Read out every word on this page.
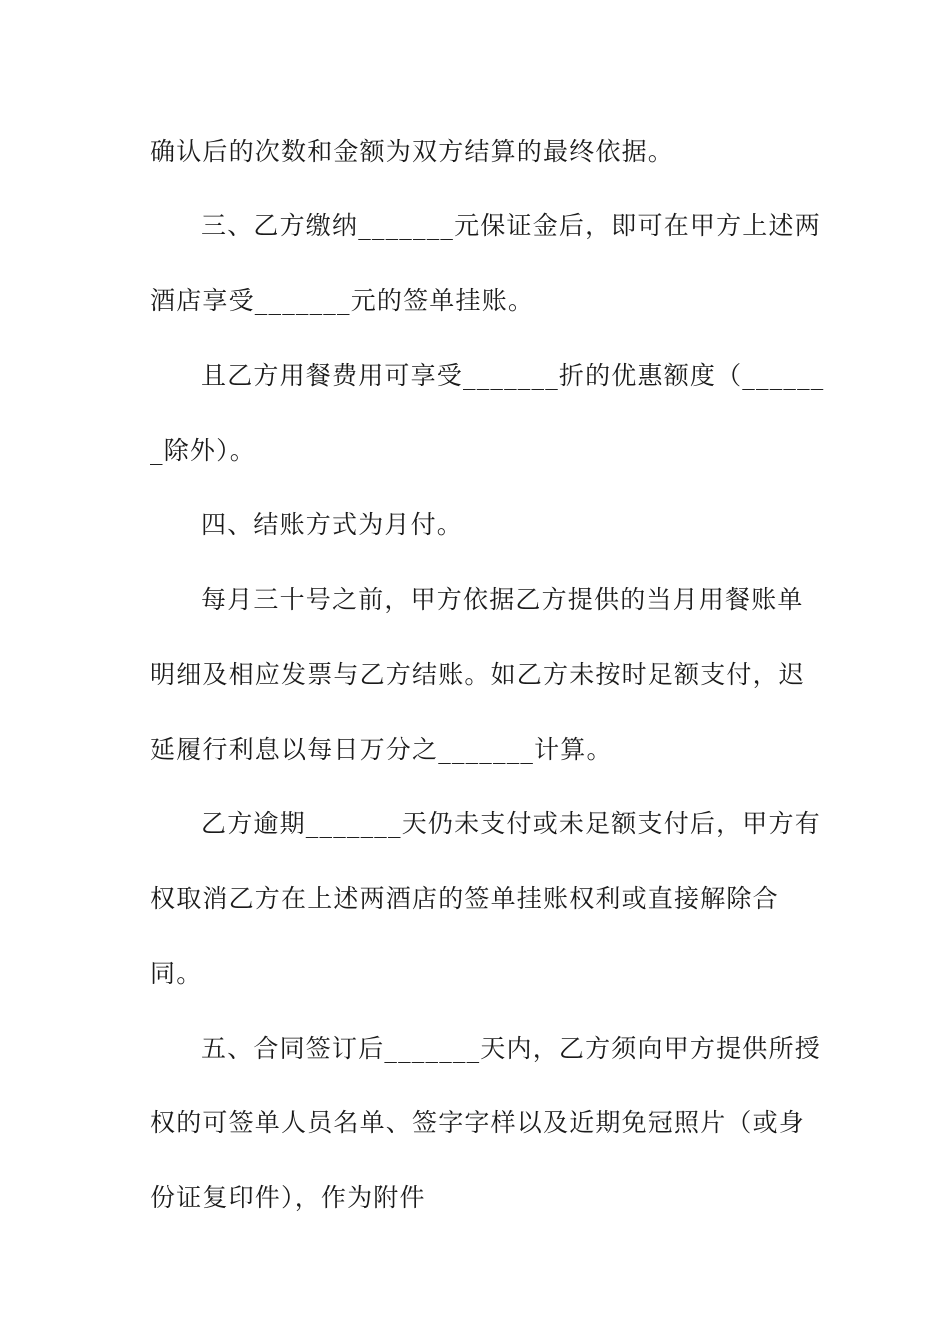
确认后的次数和金额为双方结算的最终依据。
三、乙方缴纳_______元保证金后，即可在甲方上述两
酒店享受_______元的签单挂账。
且乙方用餐费用可享受_______折的优惠额度（______
_除外）。
四、结账方式为月付。
每月三十号之前，甲方依据乙方提供的当月用餐账单
明细及相应发票与乙方结账。如乙方未按时足额支付，迟
延履行利息以每日万分之_______计算。
乙方逾期_______天仍未支付或未足额支付后，甲方有
权取消乙方在上述两酒店的签单挂账权利或直接解除合
同。
五、合同签订后_______天内，乙方须向甲方提供所授
权的可签单人员名单、签字字样以及近期免冠照片（或身
份证复印件），作为附件
